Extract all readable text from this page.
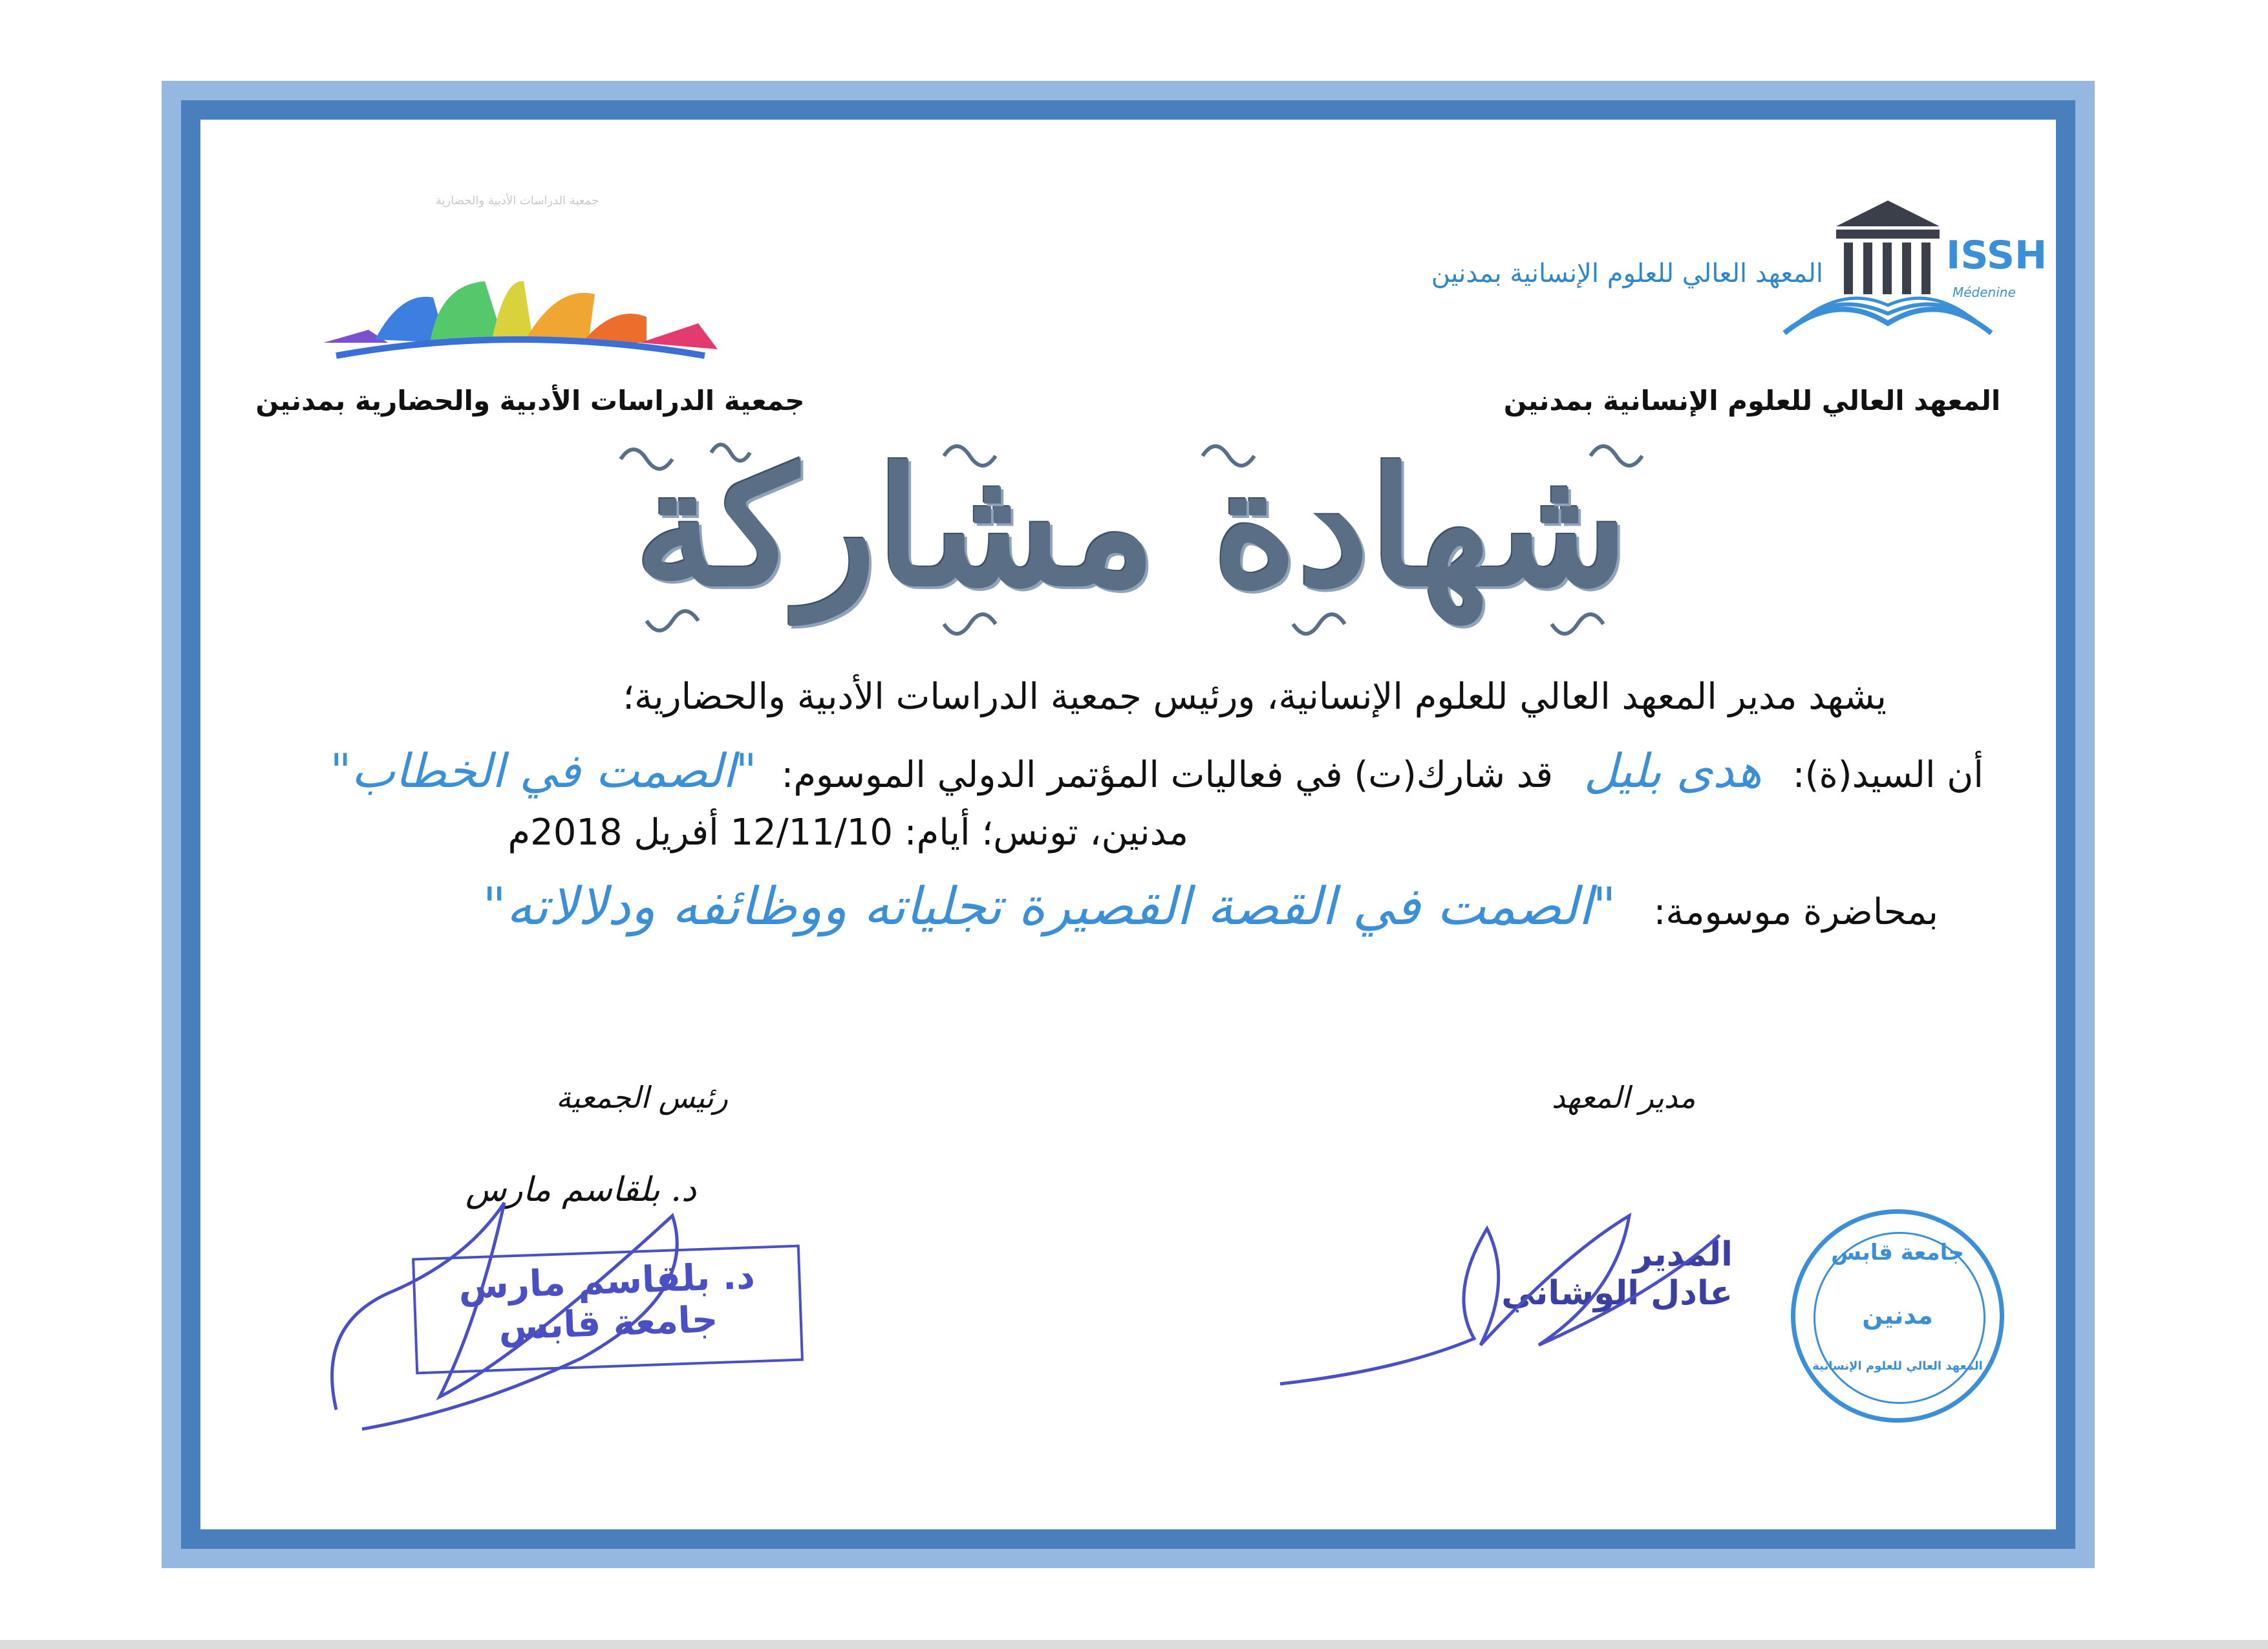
جمعية الدراسات الأدبية والحضارية
جمعية الدراسات الأدبية والحضارية بمدنين
ISSH
Médenine
المعهد العالي للعلوم الإنسانية بمدنين
المعهد العالي للعلوم الإنسانية بمدنين
شهادة مشاركة
يشهد مدير المعهد العالي للعلوم الإنسانية، ورئيس جمعية الدراسات الأدبية والحضارية؛
أن السيد(ة): هدى بليل قد شارك(ت) في فعاليات المؤتمر الدولي الموسوم: "الصمت في الخطاب"
مدنين، تونس؛ أيام: 12/11/10 أفريل 2018م
بمحاضرة موسومة: "الصمت في القصة القصيرة تجلياته ووظائفه ودلالاته"
رئيس الجمعية
د. بلقاسم مارس
د. بلقاسم مارس
جامعة قابس
مدير المعهد
المدير
عادل الوشاني
جامعة قابس
مدنين
المعهد العالي للعلوم الإنسانية
